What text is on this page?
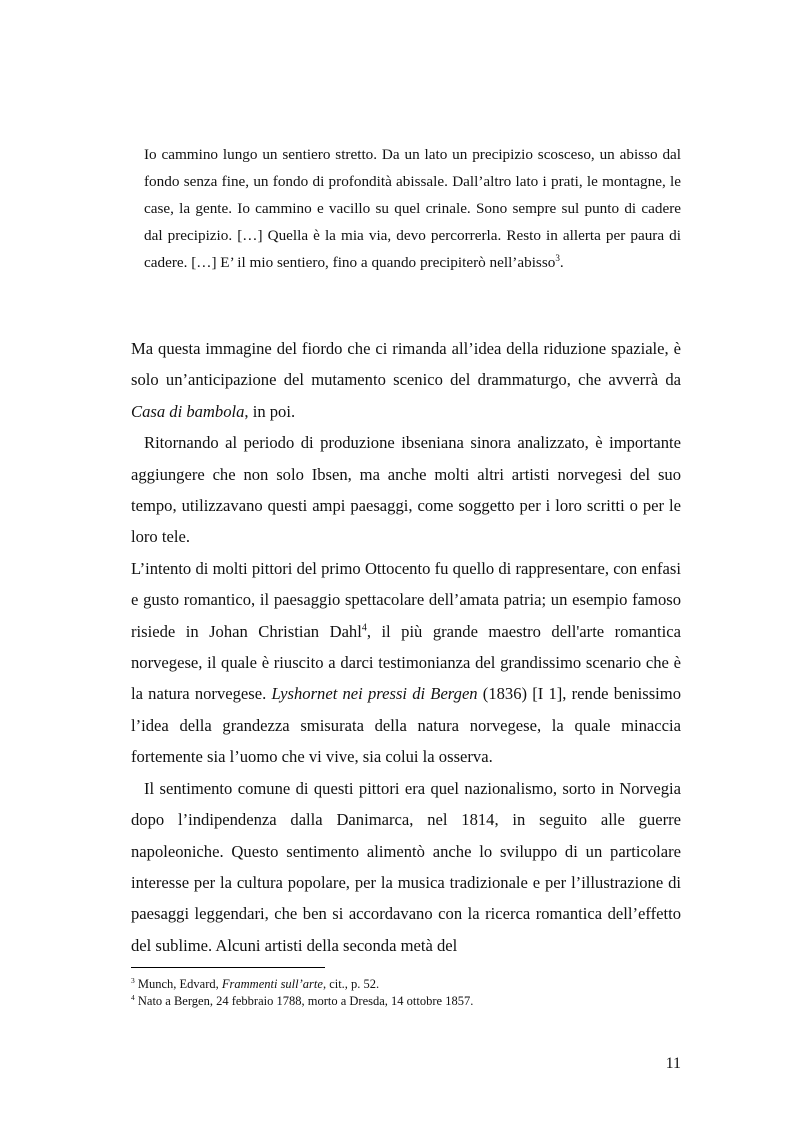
Io cammino lungo un sentiero stretto. Da un lato un precipizio scosceso, un abisso dal fondo senza fine, un fondo di profondità abissale. Dall’altro lato i prati, le montagne, le case, la gente. Io cammino e vacillo su quel crinale. Sono sempre sul punto di cadere dal precipizio. […] Quella è la mia via, devo percorrerla. Resto in allerta per paura di cadere. […] E’ il mio sentiero, fino a quando precipiterò nell’abisso$^3$.

Ma questa immagine del fiordo che ci rimanda all’idea della riduzione spaziale, è solo un’anticipazione del mutamento scenico del drammaturgo, che avverrà da Casa di bambola, in poi.

Ritornando al periodo di produzione ibseniana sinora analizzato, è importante aggiungere che non solo Ibsen, ma anche molti altri artisti norvegesi del suo tempo, utilizzavano questi ampi paesaggi, come soggetto per i loro scritti o per le loro tele.

L’intento di molti pittori del primo Ottocento fu quello di rappresentare, con enfasi e gusto romantico, il paesaggio spettacolare dell’amata patria; un esempio famoso risiede in Johan Christian Dahl$^4$, il più grande maestro dell'arte romantica norvegese, il quale è riuscito a darci testimonianza del grandissimo scenario che è la natura norvegese. Lyshornet nei pressi di Bergen (1836) [I 1], rende benissimo l’idea della grandezza smisurata della natura norvegese, la quale minaccia fortemente sia l’uomo che vi vive, sia colui la osserva.

Il sentimento comune di questi pittori era quel nazionalismo, sorto in Norvegia dopo l’indipendenza dalla Danimarca, nel 1814, in seguito alle guerre napoleoniche. Questo sentimento alimentò anche lo sviluppo di un particolare interesse per la cultura popolare, per la musica tradizionale e per l’illustrazione di paesaggi leggendari, che ben si accordavano con la ricerca romantica dell’effetto del sublime. Alcuni artisti della seconda metà del

$^3$ Munch, Edvard, Frammenti sull’arte, cit., p. 52.

$^4$ Nato a Bergen, 24 febbraio 1788, morto a Dresda, 14 ottobre 1857.

11
